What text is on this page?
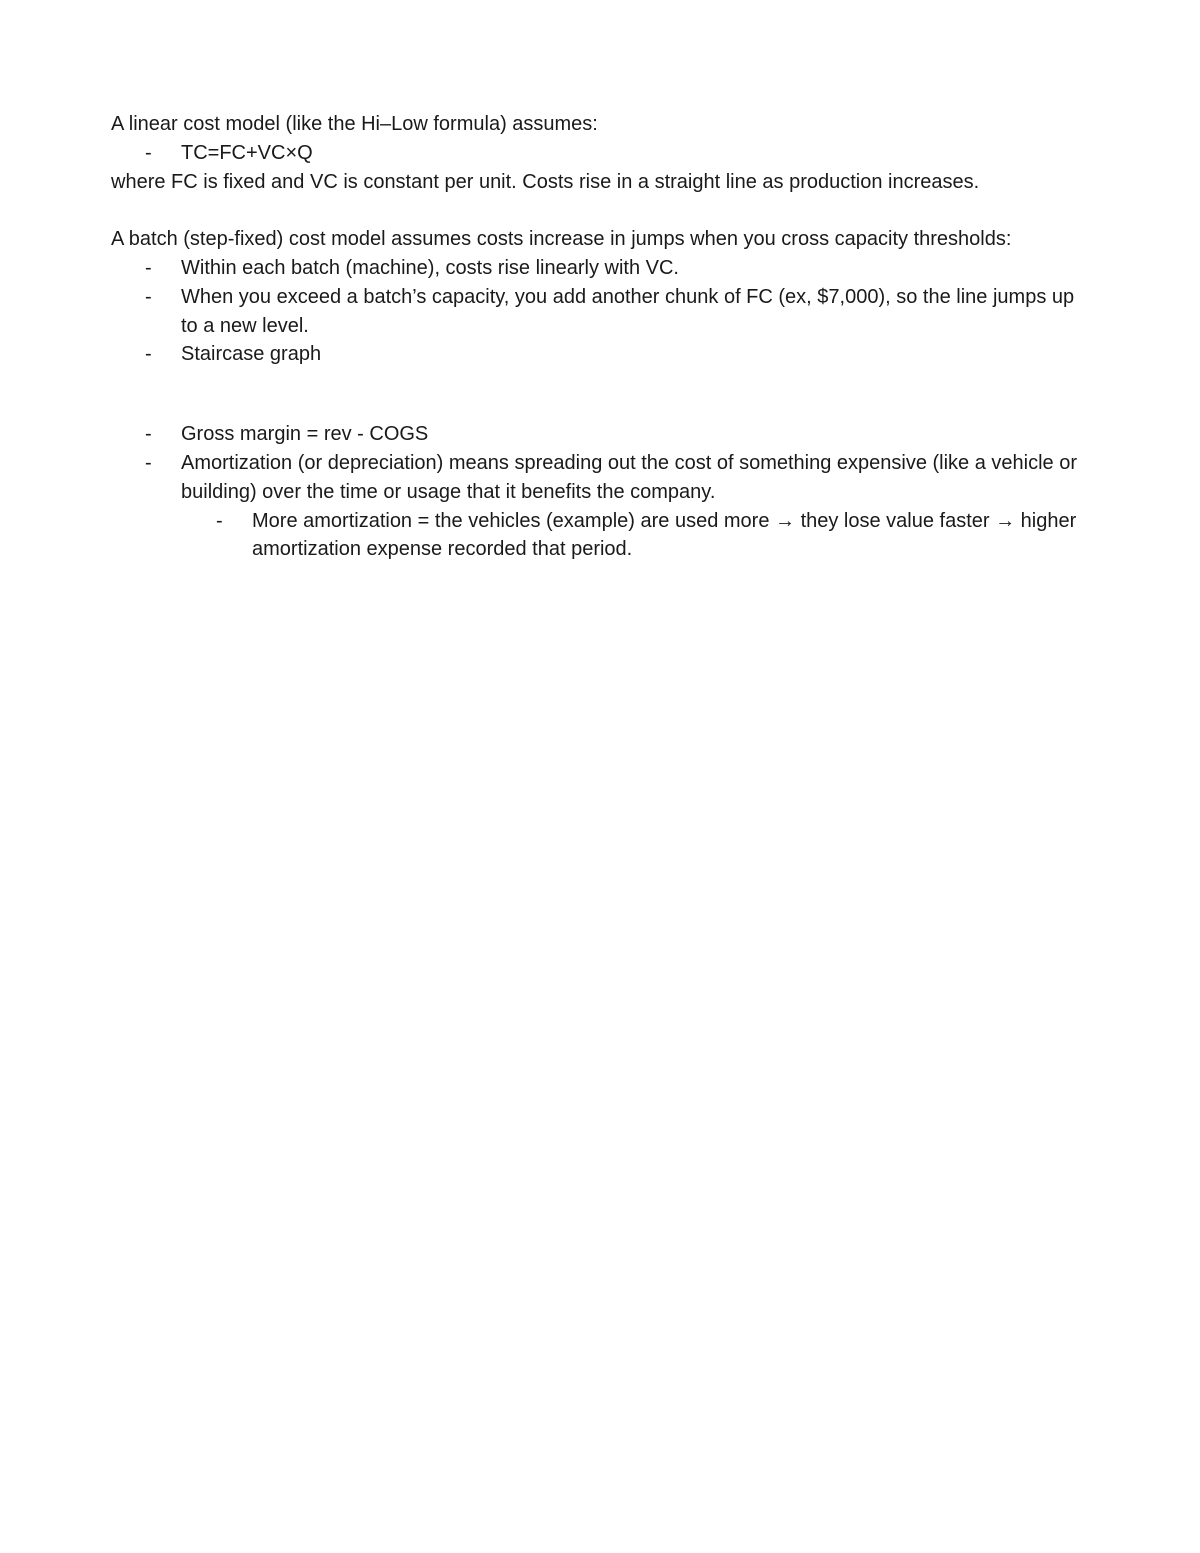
A linear cost model (like the Hi–Low formula) assumes:

- TC=FC+VC×Q

where FC is fixed and VC is constant per unit. Costs rise in a straight line as production increases.

A batch (step-fixed) cost model assumes costs increase in jumps when you cross capacity thresholds:

- Within each batch (machine), costs rise linearly with VC.
- When you exceed a batch’s capacity, you add another chunk of FC (ex, $7,000), so the line jumps up to a new level.
- Staircase graph
- Gross margin = rev - COGS
- Amortization (or depreciation) means spreading out the cost of something expensive (like a vehicle or building) over the time or usage that it benefits the company.
- More amortization = the vehicles (example) are used more → they lose value faster → higher amortization expense recorded that period.
